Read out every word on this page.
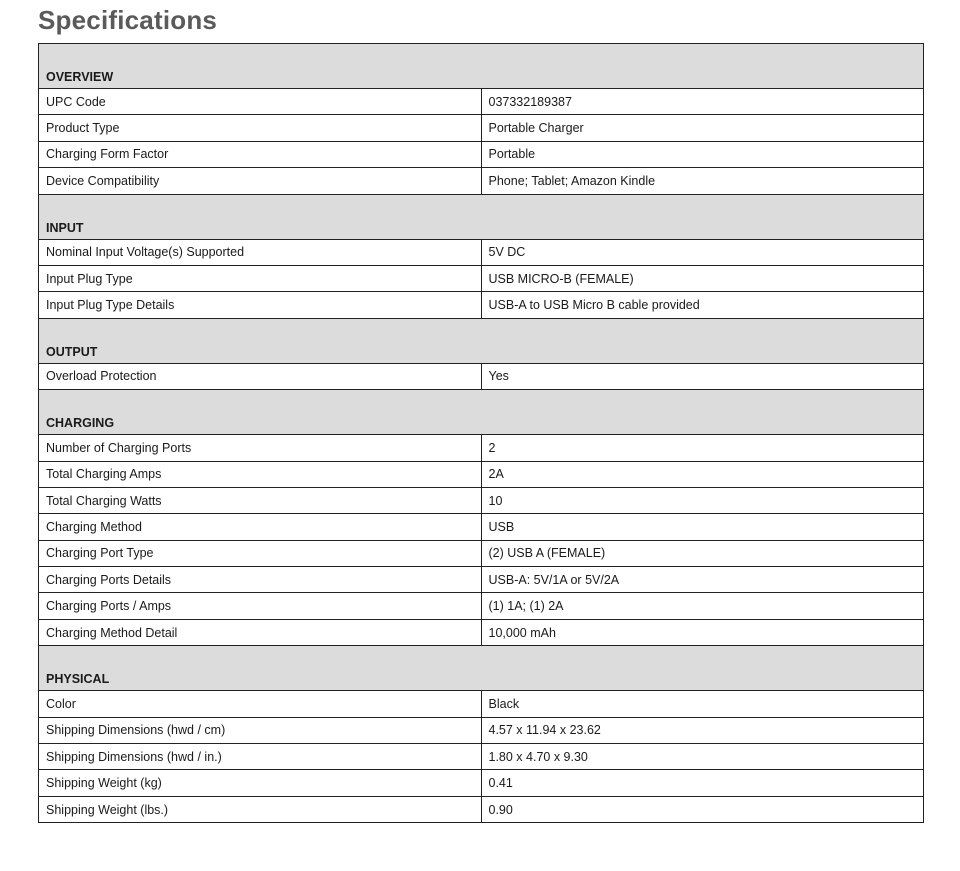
Specifications
OVERVIEW	
UPC Code	037332189387
Product Type	Portable Charger
Charging Form Factor	Portable
Device Compatibility	Phone; Tablet; Amazon Kindle
INPUT	
Nominal Input Voltage(s) Supported	5V DC
Input Plug Type	USB MICRO-B (FEMALE)
Input Plug Type Details	USB-A to USB Micro B cable provided
OUTPUT	
Overload Protection	Yes
CHARGING	
Number of Charging Ports	2
Total Charging Amps	2A
Total Charging Watts	10
Charging Method	USB
Charging Port Type	(2) USB A (FEMALE)
Charging Ports Details	USB-A: 5V/1A or 5V/2A
Charging Ports / Amps	(1) 1A; (1) 2A
Charging Method Detail	10,000 mAh
PHYSICAL	
Color	Black
Shipping Dimensions (hwd / cm)	4.57 x 11.94 x 23.62
Shipping Dimensions (hwd / in.)	1.80 x 4.70 x 9.30
Shipping Weight (kg)	0.41
Shipping Weight (lbs.)	0.90
